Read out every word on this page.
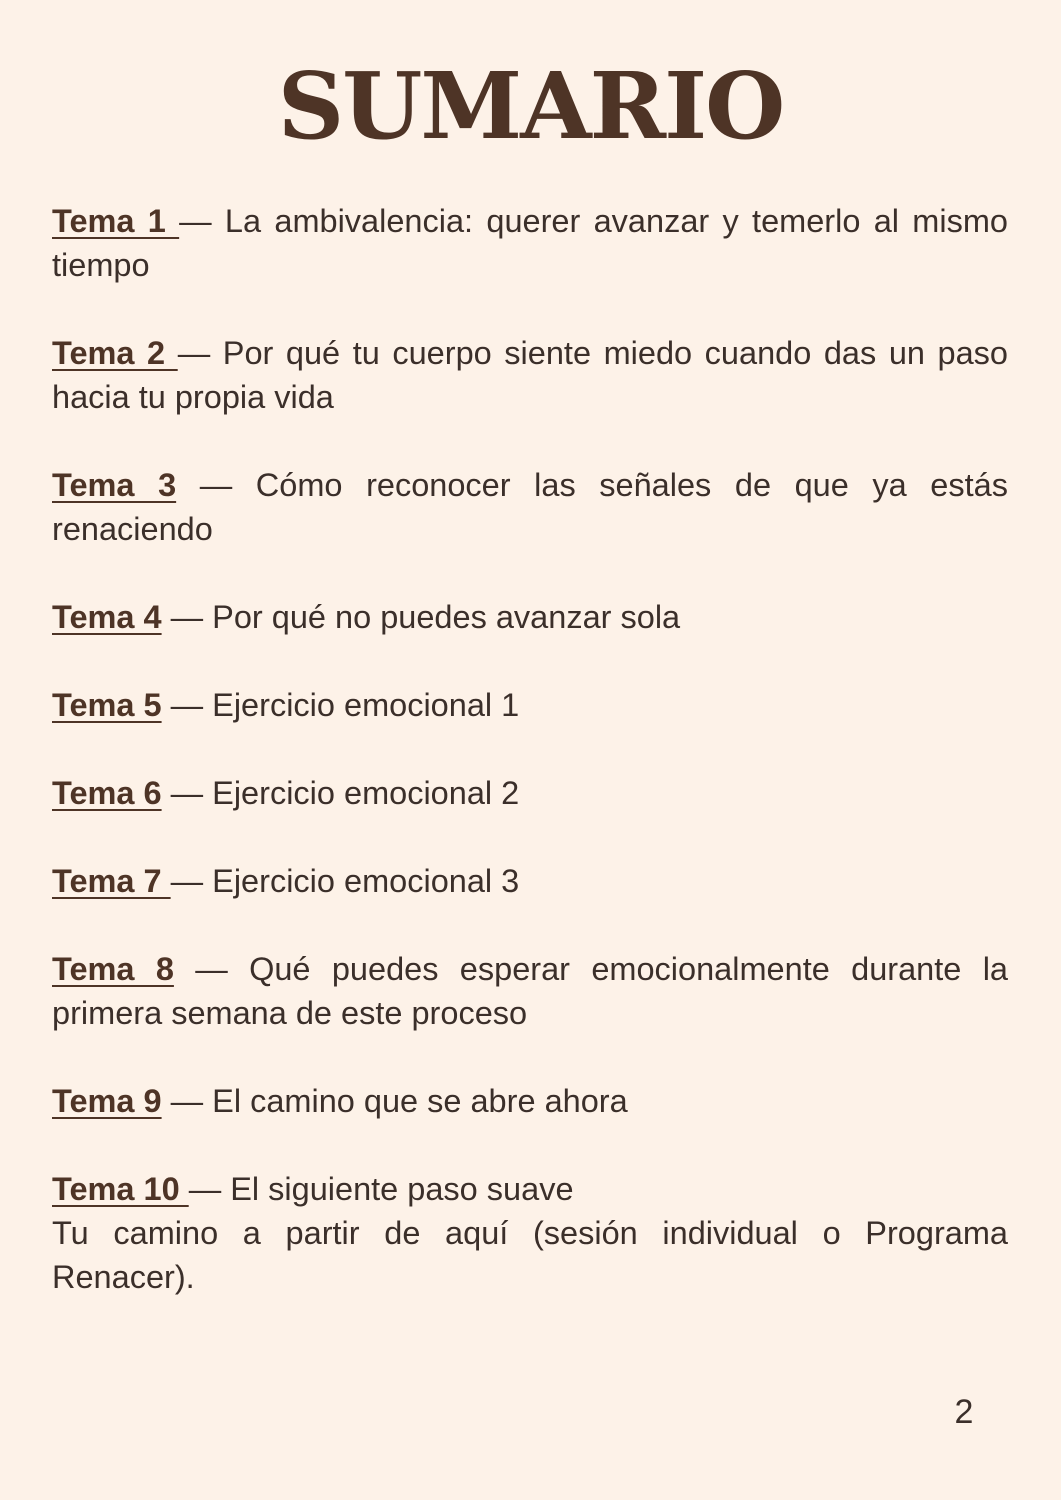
SUMARIO

Tema 1 — La ambivalencia: querer avanzar y temerlo al mismo tiempo

Tema 2 — Por qué tu cuerpo siente miedo cuando das un paso hacia tu propia vida

Tema 3 — Cómo reconocer las señales de que ya estás renaciendo

Tema 4 — Por qué no puedes avanzar sola

Tema 5 — Ejercicio emocional 1

Tema 6 — Ejercicio emocional 2

Tema 7 — Ejercicio emocional 3

Tema 8 — Qué puedes esperar emocionalmente durante la primera semana de este proceso

Tema 9 — El camino que se abre ahora

Tema 10 — El siguiente paso suave
Tu camino a partir de aquí (sesión individual o Programa Renacer).

2
